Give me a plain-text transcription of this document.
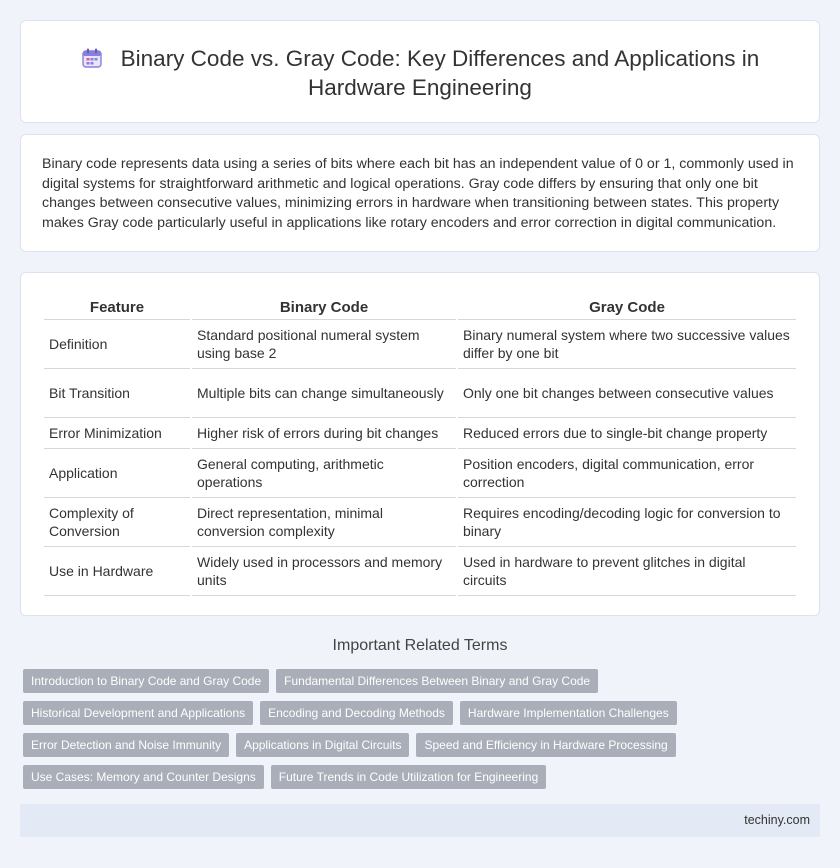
Binary Code vs. Gray Code: Key Differences and Applications in Hardware Engineering

Binary code represents data using a series of bits where each bit has an independent value of 0 or 1, commonly used in digital systems for straightforward arithmetic and logical operations. Gray code differs by ensuring that only one bit changes between consecutive values, minimizing errors in hardware when transitioning between states. This property makes Gray code particularly useful in applications like rotary encoders and error correction in digital communication.

Feature	Binary Code	Gray Code
Definition	Standard positional numeral system using base 2	Binary numeral system where two successive values differ by one bit
Bit Transition	Multiple bits can change simultaneously	Only one bit changes between consecutive values
Error Minimization	Higher risk of errors during bit changes	Reduced errors due to single-bit change property
Application	General computing, arithmetic operations	Position encoders, digital communication, error correction
Complexity of Conversion	Direct representation, minimal conversion complexity	Requires encoding/decoding logic for conversion to binary
Use in Hardware	Widely used in processors and memory units	Used in hardware to prevent glitches in digital circuits
Important Related Terms
Introduction to Binary Code and Gray Code	Fundamental Differences Between Binary and Gray Code
Historical Development and Applications	Encoding and Decoding Methods	Hardware Implementation Challenges
Error Detection and Noise Immunity	Applications in Digital Circuits	Speed and Efficiency in Hardware Processing
Use Cases: Memory and Counter Designs	Future Trends in Code Utilization for Engineering
techiny.com
